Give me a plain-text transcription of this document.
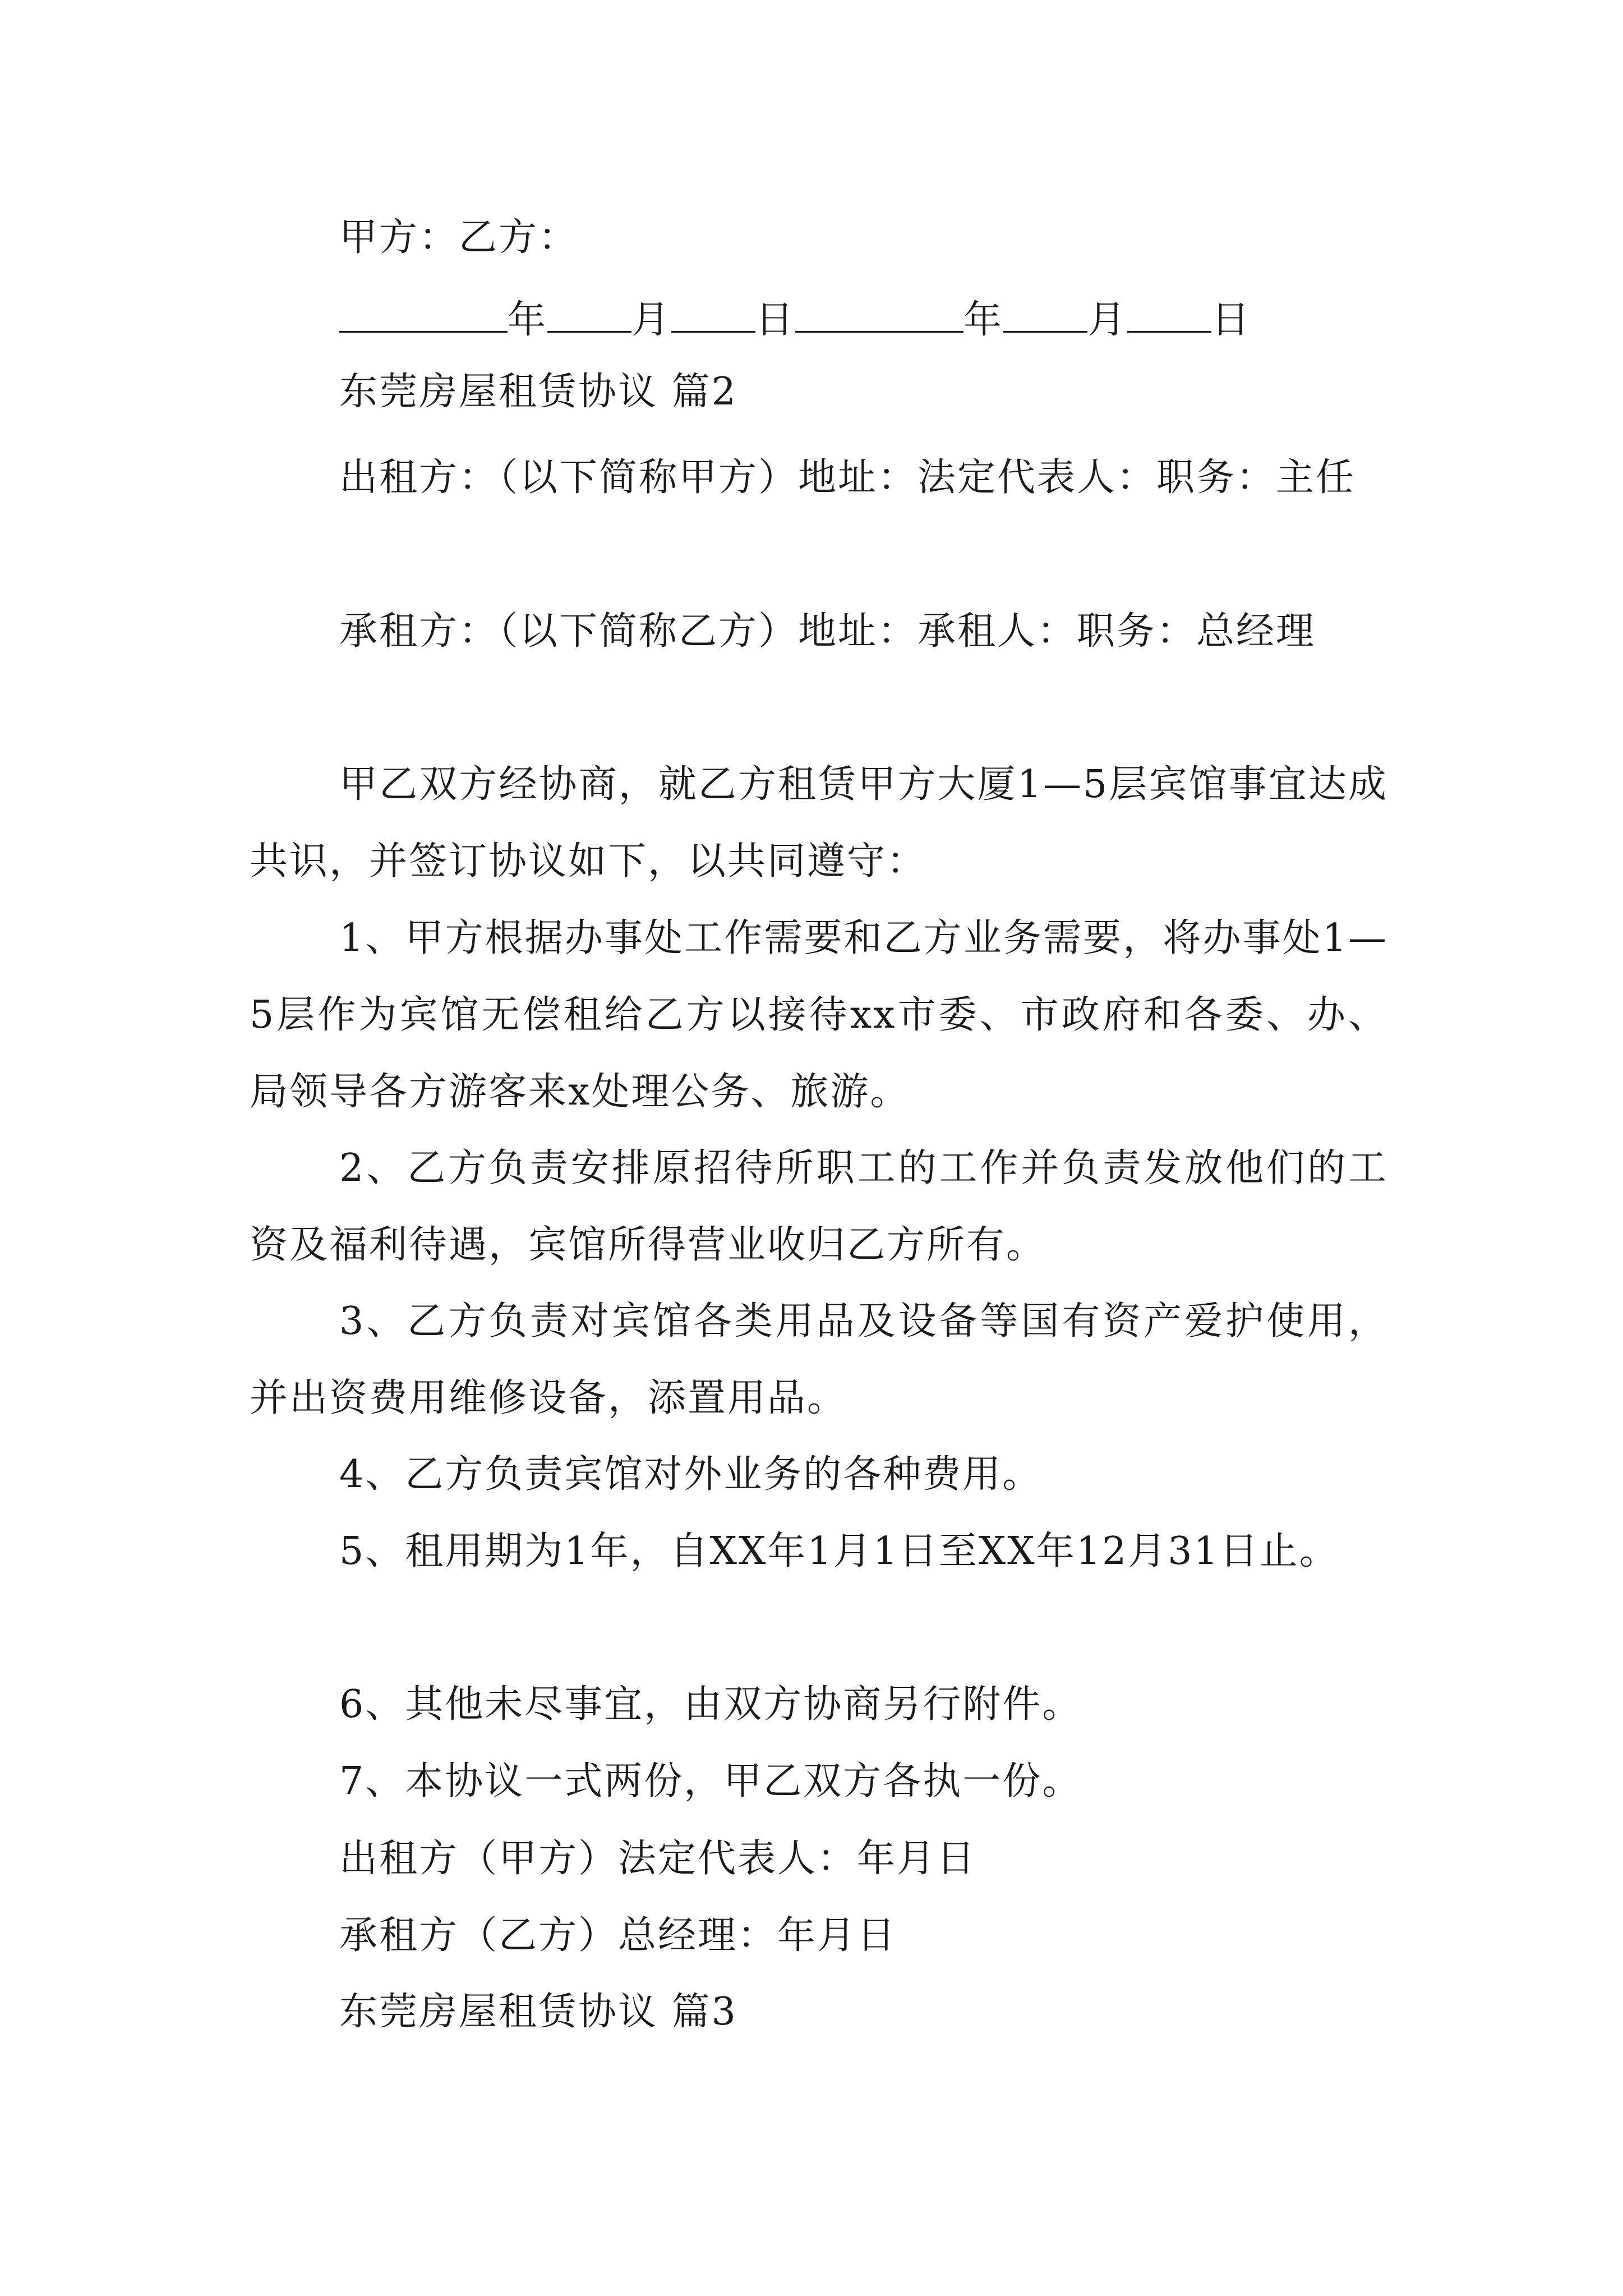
甲方：乙方：
年 月 日	年 月 日
东莞房屋租赁协议 篇2
出租方：（以下简称甲方）地址：法定代表人：职务：主任
承租方：（以下简称乙方）地址：承租人：职务：总经理
甲乙双方经协商，就乙方租赁甲方大厦1—5层宾馆事宜达成共识，并签订协议如下，以共同遵守：
1、甲方根据办事处工作需要和乙方业务需要，将办事处1—5层作为宾馆无偿租给乙方以接待xx市委、市政府和各委、办、局领导各方游客来x处理公务、旅游。
2、乙方负责安排原招待所职工的工作并负责发放他们的工资及福利待遇，宾馆所得营业收归乙方所有。
3、乙方负责对宾馆各类用品及设备等国有资产爱护使用，并出资费用维修设备，添置用品。
4、乙方负责宾馆对外业务的各种费用。
5、租用期为1年，自XX年1月1日至XX年12月31日止。
6、其他未尽事宜，由双方协商另行附件。
7、本协议一式两份，甲乙双方各执一份。
出租方（甲方）法定代表人：年月日
承租方（乙方）总经理：年月日
东莞房屋租赁协议 篇3
